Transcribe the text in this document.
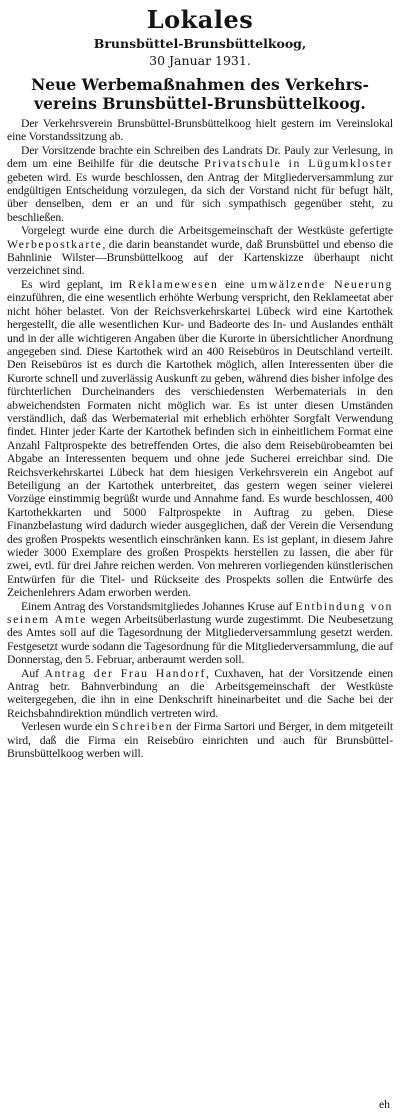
Lokales
Brunsbüttel-Brunsbüttelkoog,
30 Januar 1931.
Neue Werbemaßnahmen des Verkehrs-
vereins Brunsbüttel-Brunsbüttelkoog.

Der Verkehrsverein Brunsbüttel-Brunsbüttelkoog hielt gestern im Vereinslokal eine Vorstandssitzung ab.

Der Vorsitzende brachte ein Schreiben des Landrats Dr. Pauly zur Verlesung, in dem um eine Beihilfe für die deutsche Privatschule in Lügumkloster gebeten wird. Es wurde beschlossen, den Antrag der Mitgliederversammlung zur endgültigen Entscheidung vorzulegen, da sich der Vorstand nicht für befugt hält, über denselben, dem er an und für sich sympathisch gegenüber steht, zu beschließen.

Vorgelegt wurde eine durch die Arbeitsgemeinschaft der Westküste gefertigte Werbepostkarte, die darin beanstandet wurde, daß Brunsbüttel und ebenso die Bahnlinie Wilster—Brunsbüttelkoog auf der Kartenskizze überhaupt nicht verzeichnet sind.

Es wird geplant, im Reklamewesen eine umwälzende Neuerung einzuführen, die eine wesentlich erhöhte Werbung verspricht, den Reklameetat aber nicht höher belastet. Von der Reichsverkehrskartei Lübeck wird eine Kartothek hergestellt, die alle wesentlichen Kur- und Badeorte des In- und Auslandes enthält und in der alle wichtigeren Angaben über die Kurorte in übersichtlicher Anordnung angegeben sind. Diese Kartothek wird an 400 Reisebüros in Deutschland verteilt. Den Reisebüros ist es durch die Kartothek möglich, allen Interessenten über die Kurorte schnell und zuverlässig Auskunft zu geben, während dies bisher infolge des fürchterlichen Durcheinanders des verschiedensten Werbematerials in den abweichendsten Formaten nicht möglich war. Es ist unter diesen Umständen verständlich, daß das Werbematerial mit erheblich erhöhter Sorgfalt Verwendung findet. Hinter jeder Karte der Kartothek befinden sich in einheitlichem Format eine Anzahl Faltprospekte des betreffenden Ortes, die also dem Reisebürobeamten bei Abgabe an Interessenten bequem und ohne jede Sucherei erreichbar sind. Die Reichsverkehrskartei Lübeck hat dem hiesigen Verkehrsverein ein Angebot auf Beteiligung an der Kartothek unterbreitet, das gestern wegen seiner vielerei Vorzüge einstimmig begrüßt wurde und Annahme fand. Es wurde beschlossen, 400 Kartothekkarten und 5000 Faltprospekte in Auftrag zu geben. Diese Finanzbelastung wird dadurch wieder ausgeglichen, daß der Verein die Versendung des großen Prospekts wesentlich einschränken kann. Es ist geplant, in diesem Jahre wieder 3000 Exemplare des großen Prospekts herstellen zu lassen, die aber für zwei, evtl. für drei Jahre reichen werden. Von mehreren vorliegenden künstlerischen Entwürfen für die Titel- und Rückseite des Prospekts sollen die Entwürfe des Zeichenlehrers Adam erworben werden.

Einem Antrag des Vorstandsmitgliedes Johannes Kruse auf Entbindung von seinem Amte wegen Arbeitsüberlastung wurde zugestimmt. Die Neubesetzung des Amtes soll auf die Tagesordnung der Mitgliederversammlung gesetzt werden. Festgesetzt wurde sodann die Tagesordnung für die Mitgliederversammlung, die auf Donnerstag, den 5. Februar, anberaumt werden soll.

Auf Antrag der Frau Handorf, Cuxhaven, hat der Vorsitzende einen Antrag betr. Bahnverbindung an die Arbeitsgemeinschaft der Westküste weitergegeben, die ihn in eine Denkschrift hineinarbeitet und die Sache bei der Reichsbahndirektion mündlich vertreten wird.

Verlesen wurde ein Schreiben der Firma Sartori und Berger, in dem mitgeteilt wird, daß die Firma ein Reisebüro einrichten und auch für Brunsbüttel-Brunsbüttelkoog werben will.

eh
